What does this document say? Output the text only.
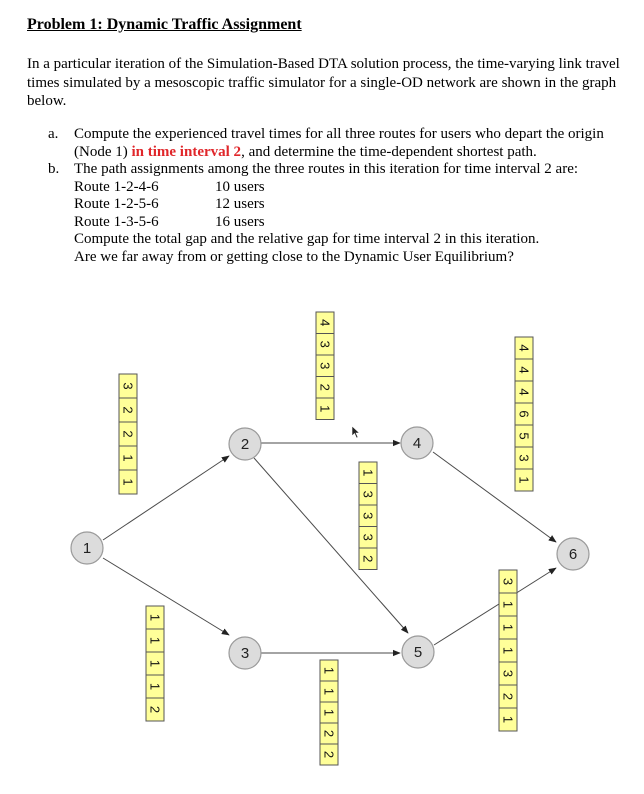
Problem 1: Dynamic Traffic Assignment
In a particular iteration of the Simulation-Based DTA solution process, the time-varying link travel times simulated by a mesoscopic traffic simulator for a single-OD network are shown in the graph below.
a. Compute the experienced travel times for all three routes for users who depart the origin (Node 1) in time interval 2, and determine the time-dependent shortest path.
b. The path assignments among the three routes in this iteration for time interval 2 are:
Route 1-2-4-6	10 users
Route 1-2-5-6	12 users
Route 1-3-5-6	16 users
Compute the total gap and the relative gap for time interval 2 in this iteration.
Are we far away from or getting close to the Dynamic User Equilibrium?
1
2
3
4
5
6
3
2
2
1
1
1
1
1
1
2
4
3
3
2
1
1
3
3
3
2
1
1
1
2
2
4
4
4
6
5
3
1
3
1
1
1
3
2
1
